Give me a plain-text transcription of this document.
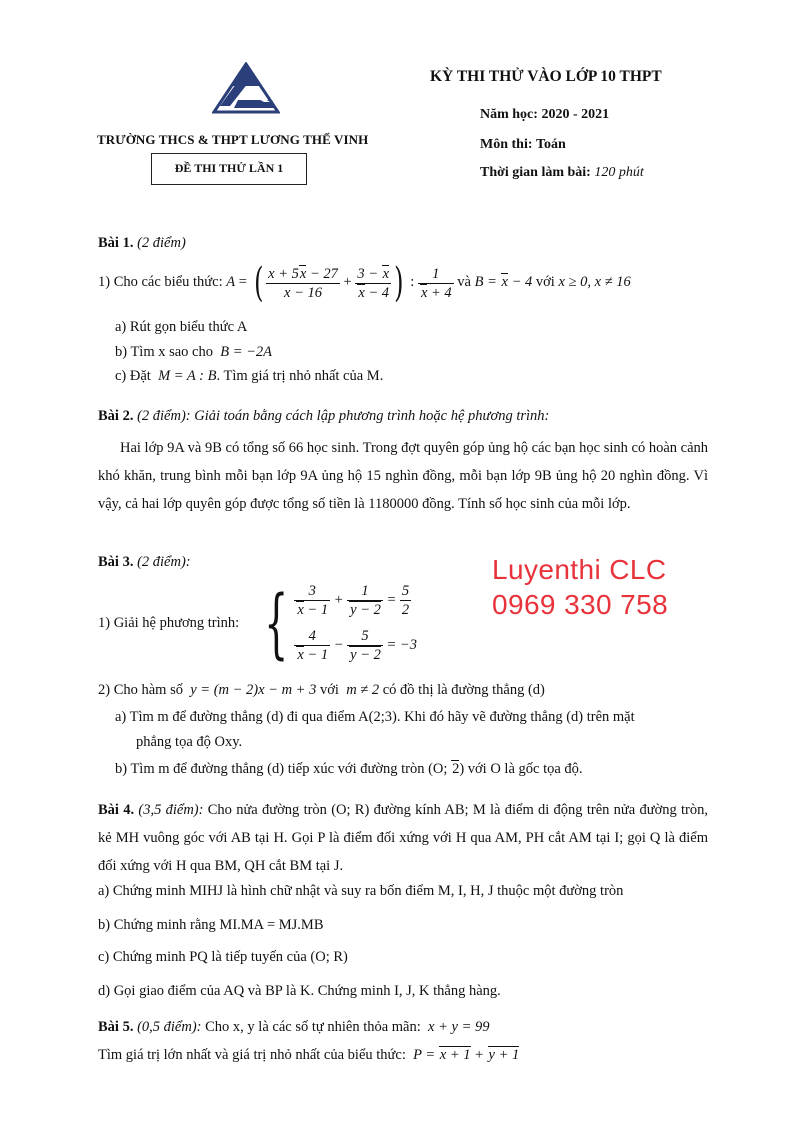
TRƯỜNG THCS & THPT LƯƠNG THẾ VINH
ĐỀ THI THỬ LẦN 1
KỲ THI THỬ VÀO LỚP 10 THPT
Năm học: 2020 - 2021
Môn thi: Toán
Thời gian làm bài: 120 phút
Luyenthi CLC
0969 330 758
Bài 1. (2 điểm)
1) Cho các biểu thức:
A = ( $\frac{x + 5x - 27}{x - 16} + \frac{3 - x}{x - 4}$ ) : $\frac{1}{x + 4}$
và
B = x − 4
với
x ≥ 0, x ≠ 16
a) Rút gọn biểu thức A
b) Tìm x sao cho B = −2A
c) Đặt M = A : B. Tìm giá trị nhỏ nhất của M.
Bài 2. (2 điểm): Giải toán bằng cách lập phương trình hoặc hệ phương trình:
Hai lớp 9A và 9B có tổng số 66 học sinh. Trong đợt quyên góp ủng hộ các bạn học sinh có hoàn cảnh khó khăn, trung bình mỗi bạn lớp 9A ủng hộ 15 nghìn đồng, mỗi bạn lớp 9B ủng hộ 20 nghìn đồng. Vì vậy, cả hai lớp quyên góp được tổng số tiền là 1180000 đồng. Tính số học sinh của mỗi lớp.
Bài 3. (2 điểm):
1) Giải hệ phương trình: { $\frac{3}{x - 1} + \frac{1}{y - 2} = \frac{5}{2}$
$\frac{4}{x - 1} - \frac{5}{y - 2} = -3$
2) Cho hàm số y = (m − 2)x − m + 3 với m ≠ 2 có đồ thị là đường thẳng (d)
a) Tìm m để đường thẳng (d) đi qua điểm A(2;3). Khi đó hãy vẽ đường thẳng (d) trên mặt
phẳng tọa độ Oxy.
b) Tìm m để đường thẳng (d) tiếp xúc với đường tròn (O; 2) với O là gốc tọa độ.
Bài 4. (3,5 điểm): Cho nửa đường tròn (O; R) đường kính AB; M là điểm di động trên nửa đường tròn, kẻ MH vuông góc với AB tại H. Gọi P là điểm đối xứng với H qua AM, PH cắt AM tại I; gọi Q là điểm đối xứng với H qua BM, QH cắt BM tại J.
a) Chứng minh MIHJ là hình chữ nhật và suy ra bốn điểm M, I, H, J thuộc một đường tròn
b) Chứng minh rằng MI.MA = MJ.MB
c) Chứng minh PQ là tiếp tuyến của (O; R)
d) Gọi giao điểm của AQ và BP là K. Chứng minh I, J, K thẳng hàng.
Bài 5. (0,5 điểm): Cho x, y là các số tự nhiên thỏa mãn: x + y = 99
Tìm giá trị lớn nhất và giá trị nhỏ nhất của biểu thức: P = x + 1 + y + 1
